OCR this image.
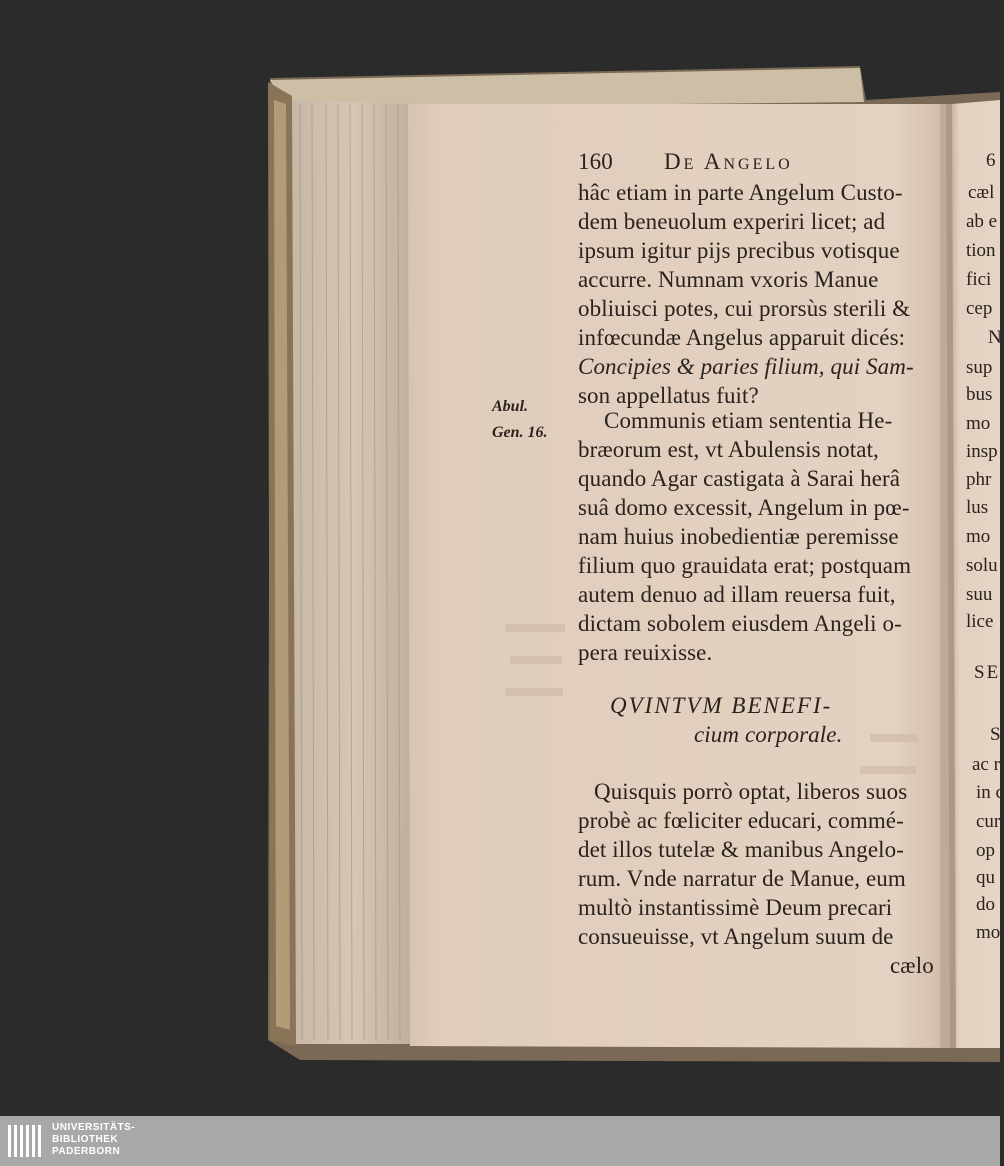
160 De Angelo
hâc etiam in parte Angelum Custo-
dem beneuolum experiri licet; ad
ipsum igitur pijs precibus votisque
accurre. Numnam vxoris Manue
obliuisci potes, cui prorsùs sterili &
infœcundæ Angelus apparuit dicés:
Concipies & paries filium, qui Sam-
son appellatus fuit?
Abul.
Gen. 16. Communis etiam sententia He-
bræorum est, vt Abulensis notat,
quando Agar castigata à Sarai herâ
suâ domo excessit, Angelum in pœ-
nam huius inobedientiæ peremisse
filium quo grauidata erat; postquam
autem denuo ad illam reuersa fuit,
dictam sobolem eiusdem Angeli o-
pera reuixisse.
QVINTVM BENEFI-
cium corporale.
Quisquis porrò optat, liberos suos
probè ac fœliciter educari, commé-
det illos tutelæ & manibus Angelo-
rum. Vnde narratur de Manue, eum
multò instantissimè Deum precari
consueuisse, vt Angelum suum de
cælo
6
cæl
ab e
tion
fici
cep
N
sup
bus
mo
insp
phr
lus
mo
solu
suu
lice
SE
S
ac r
in c
cur
op
qu
do
mo
UNIVERSITÄTS-
BIBLIOTHEK
PADERBORN
